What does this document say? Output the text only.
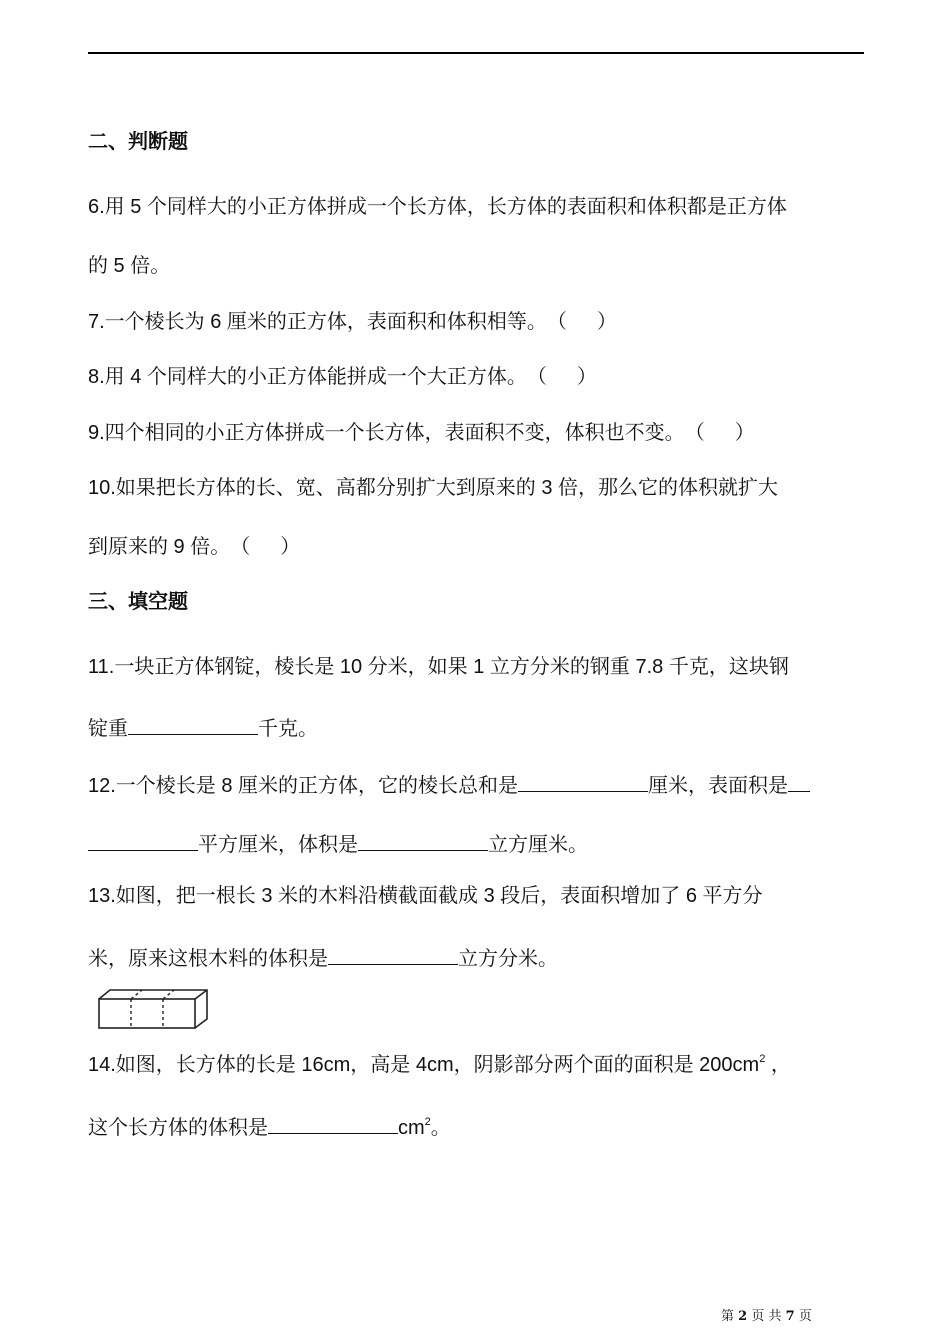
二、判断题
6.用 5 个同样大的小正方体拼成一个长方体，长方体的表面积和体积都是正方体
的 5 倍。
7.一个棱长为 6 厘米的正方体，表面积和体积相等。 （
）
8.用 4 个同样大的小正方体能拼成一个大正方体。 （
）
9.四个相同的小正方体拼成一个长方体，表面积不变，体积也不变。 （
）
10.如果把长方体的长、宽、高都分别扩大到原来的 3 倍，那么它的体积就扩大
到原来的 9 倍。 （
）
三、填空题
11.一块正方体钢锭，棱长是 10 分米，如果 1 立方分米的钢重 7.8 千克，这块钢
锭重	千克。
12.一个棱长是 8 厘米的正方体，它的棱长总和是	厘米，表面积是
平方厘米，体积是	立方厘米。
13.如图，把一根长 3 米的木料沿横截面截成 3 段后，表面积增加了 6 平方分
米，原来这根木料的体积是	立方分米。
14.如图，长方体的长是 16cm，高是 4cm，阴影部分两个面的面积是 $200cm^2$ ，
这个长方体的体积是	$cm^2$。
第 2 页 共 7 页
